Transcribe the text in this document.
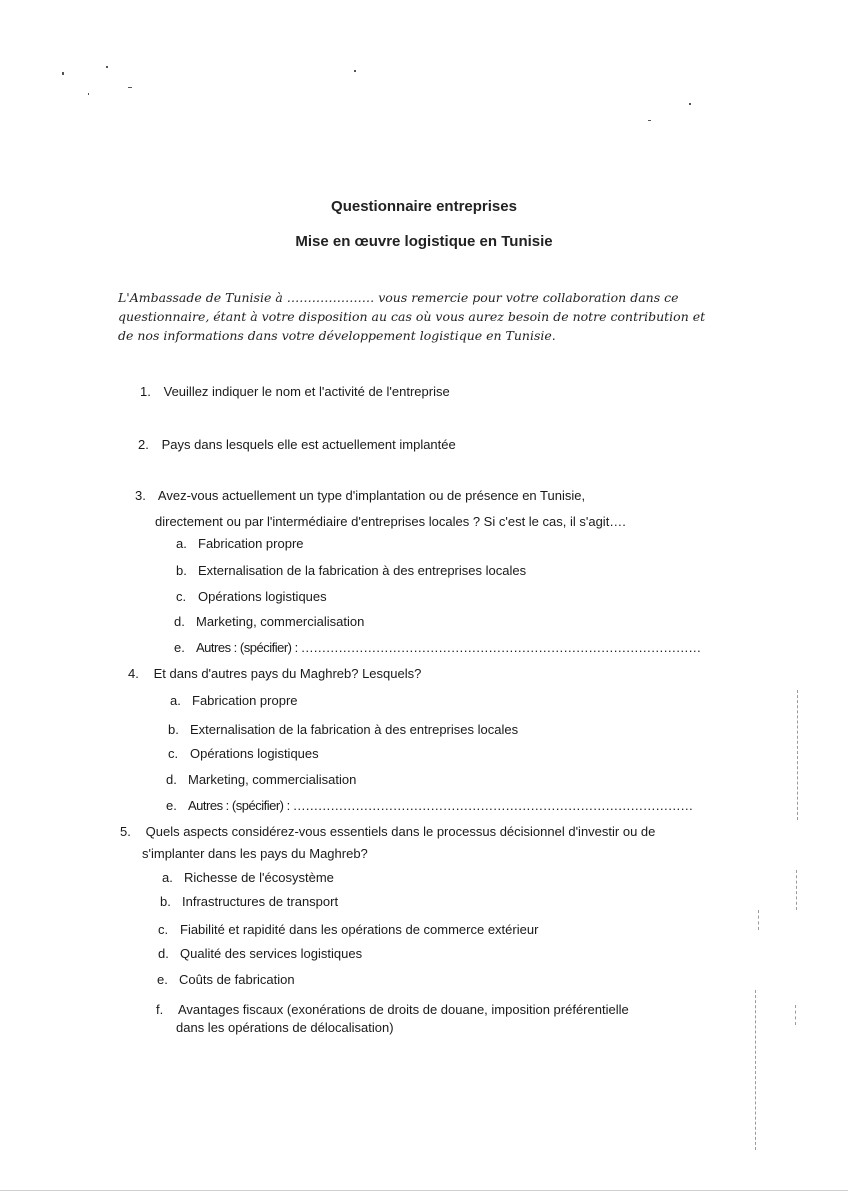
Questionnaire entreprises
Mise en œuvre logistique en Tunisie
L'Ambassade de Tunisie à ………………… vous remercie pour votre collaboration dans ce
questionnaire, étant à votre disposition au cas où vous aurez besoin de notre contribution et
de nos informations dans votre développement logistique en Tunisie.
1. Veuillez indiquer le nom et l'activité de l'entreprise
2. Pays dans lesquels elle est actuellement implantée
3. Avez-vous actuellement un type d'implantation ou de présence en Tunisie,
directement ou par l'intermédiaire d'entreprises locales ? Si c'est le cas, il s'agit….
a. Fabrication propre
b. Externalisation de la fabrication à des entreprises locales
c. Opérations logistiques
d. Marketing, commercialisation
e. Autres : (spécifier) : ……………………………………………………………………………………
4. Et dans d'autres pays du Maghreb? Lesquels?
a. Fabrication propre
b. Externalisation de la fabrication à des entreprises locales
c. Opérations logistiques
d. Marketing, commercialisation
e. Autres : (spécifier) : ……………………………………………………………………………………
5. Quels aspects considérez-vous essentiels dans le processus décisionnel d'investir ou de
s'implanter dans les pays du Maghreb?
a. Richesse de l'écosystème
b. Infrastructures de transport
c. Fiabilité et rapidité dans les opérations de commerce extérieur
d. Qualité des services logistiques
e. Coûts de fabrication
f. Avantages fiscaux (exonérations de droits de douane, imposition préférentielle
dans les opérations de délocalisation)
